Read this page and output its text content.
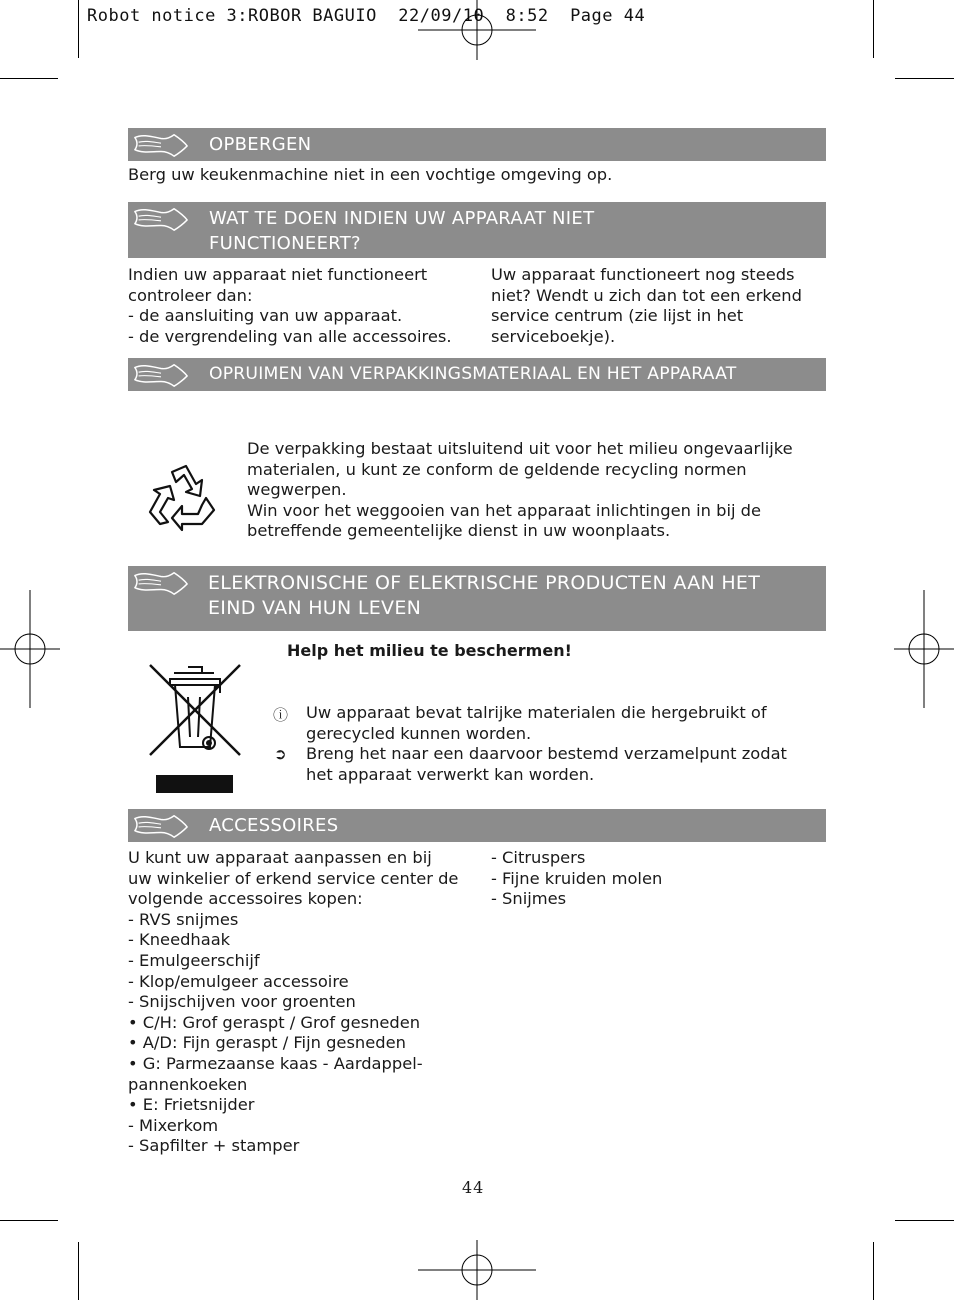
Robot notice 3:ROBOR BAGUIO  22/09/10  8:52  Page 44
OPBERGEN
Berg uw keukenmachine niet in een vochtige omgeving op.
WAT TE DOEN INDIEN UW APPARAAT NIET
FUNCTIONEERT?
Indien uw apparaat niet functioneert
controleer dan:
- de aansluiting van uw apparaat.
- de vergrendeling van alle accessoires.
Uw apparaat functioneert nog steeds
niet? Wendt u zich dan tot een erkend
service centrum (zie lijst in het
serviceboekje).
OPRUIMEN VAN VERPAKKINGSMATERIAAL EN HET APPARAAT
De verpakking bestaat uitsluitend uit voor het milieu ongevaarlijke
materialen, u kunt ze conform de geldende recycling normen
wegwerpen.
Win voor het weggooien van het apparaat inlichtingen in bij de
betreffende gemeentelijke dienst in uw woonplaats.
ELEKTRONISCHE OF ELEKTRISCHE PRODUCTEN AAN HET
EIND VAN HUN LEVEN
Help het milieu te beschermen!
ⓘ Uw apparaat bevat talrijke materialen die hergebruikt of
gerecycled kunnen worden.
➲ Breng het naar een daarvoor bestemd verzamelpunt zodat
het apparaat verwerkt kan worden.
ACCESSOIRES
U kunt uw apparaat aanpassen en bij
uw winkelier of erkend service center de
volgende accessoires kopen:
- RVS snijmes
- Kneedhaak
- Emulgeerschijf
- Klop/emulgeer accessoire
- Snijschijven voor groenten
• C/H: Grof geraspt / Grof gesneden
• A/D: Fijn geraspt / Fijn gesneden
• G: Parmezaanse kaas - Aardappel-
pannenkoeken
• E: Frietsnijder
- Mixerkom
- Sapfilter + stamper
- Citruspers
- Fijne kruiden molen
- Snijmes
44
